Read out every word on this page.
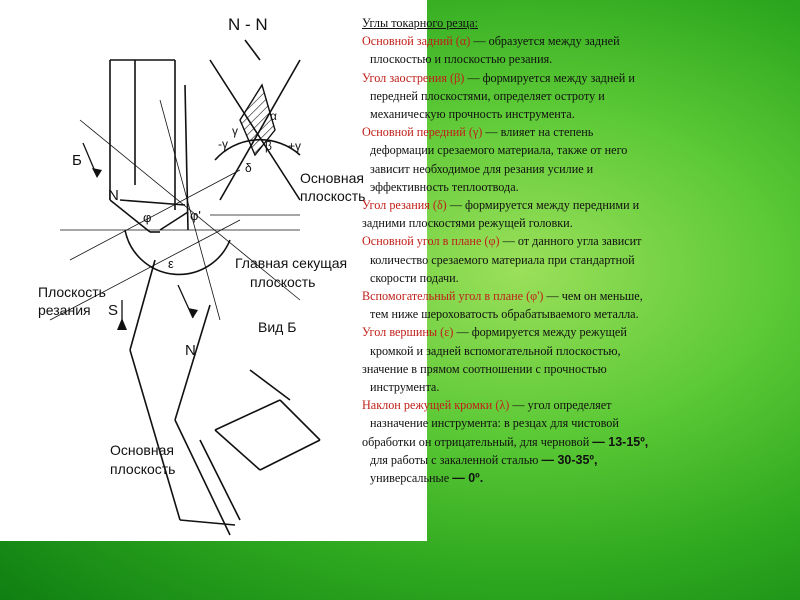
N - N
Б
N
N
S
φ	φ'
ε
γ
β
δ
α
-γ	+γ
Основная
плоскость
Главная секущая
плоскость
Плоскость
резания
Вид Б
Основная
плоскость
Углы токарного резца:
Основной задний (α) — образуется между задней
плоскостью и плоскостью резания.
Угол заострения (β) — формируется между задней и
передней плоскостями, определяет остроту и
механическую прочность инструмента.
Основной передний (γ) — влияет на степень
деформации срезаемого материала, также от него
зависит необходимое для резания усилие и
эффективность теплоотвода.
Угол резания (δ) — формируется между передними и
задними плоскостями режущей головки.
Основной угол в плане (φ) — от данного угла зависит
количество срезаемого материала при стандартной
скорости подачи.
Вспомогательный угол в плане (φ') — чем он меньше,
тем ниже шероховатость обрабатываемого металла.
Угол вершины (ε) — формируется между режущей
кромкой и задней вспомогательной плоскостью,
значение в прямом соотношении с прочностью
инструмента.
Наклон режущей кромки (λ) — угол определяет
назначение инструмента: в резцах для чистовой
обработки он отрицательный, для черновой — 13-15º,
для работы с закаленной сталью — 30-35º,
универсальные — 0º.
